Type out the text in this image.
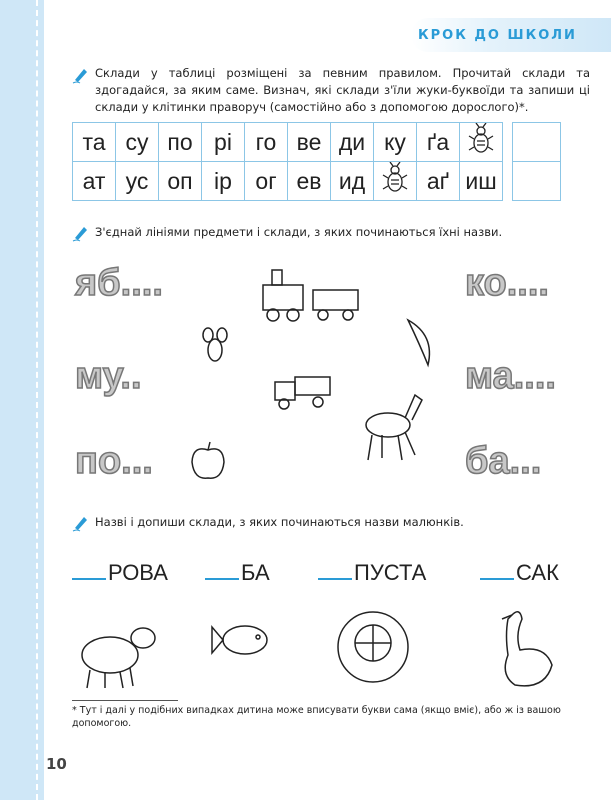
КРОК ДО ШКОЛИ
Склади у таблиці розміщені за певним правилом. Прочитай склади та здогадайся, за яким саме. Визнач, які склади з'їли жуки-буквоїди та запиши ці склади у клітинки праворуч (самостійно або з допомогою дорослого)*.
та	су	по	рі	го	ве	ди	ку	ґа	
ат	ус	оп	ір	ог	ев	ид		аґ	иш

З'єднай лініями предмети і склади, з яких починаються їхні назви.
яб....
му..
по...
ко....
ма....
ба...
Назві і допиши склади, з яких починаються назви малюнків.
РОВА	БА	ПУСТА	САК
* Тут і далі у подібних випадках дитина може вписувати букви сама (якщо вміє), або ж із вашою допомогою.
10
